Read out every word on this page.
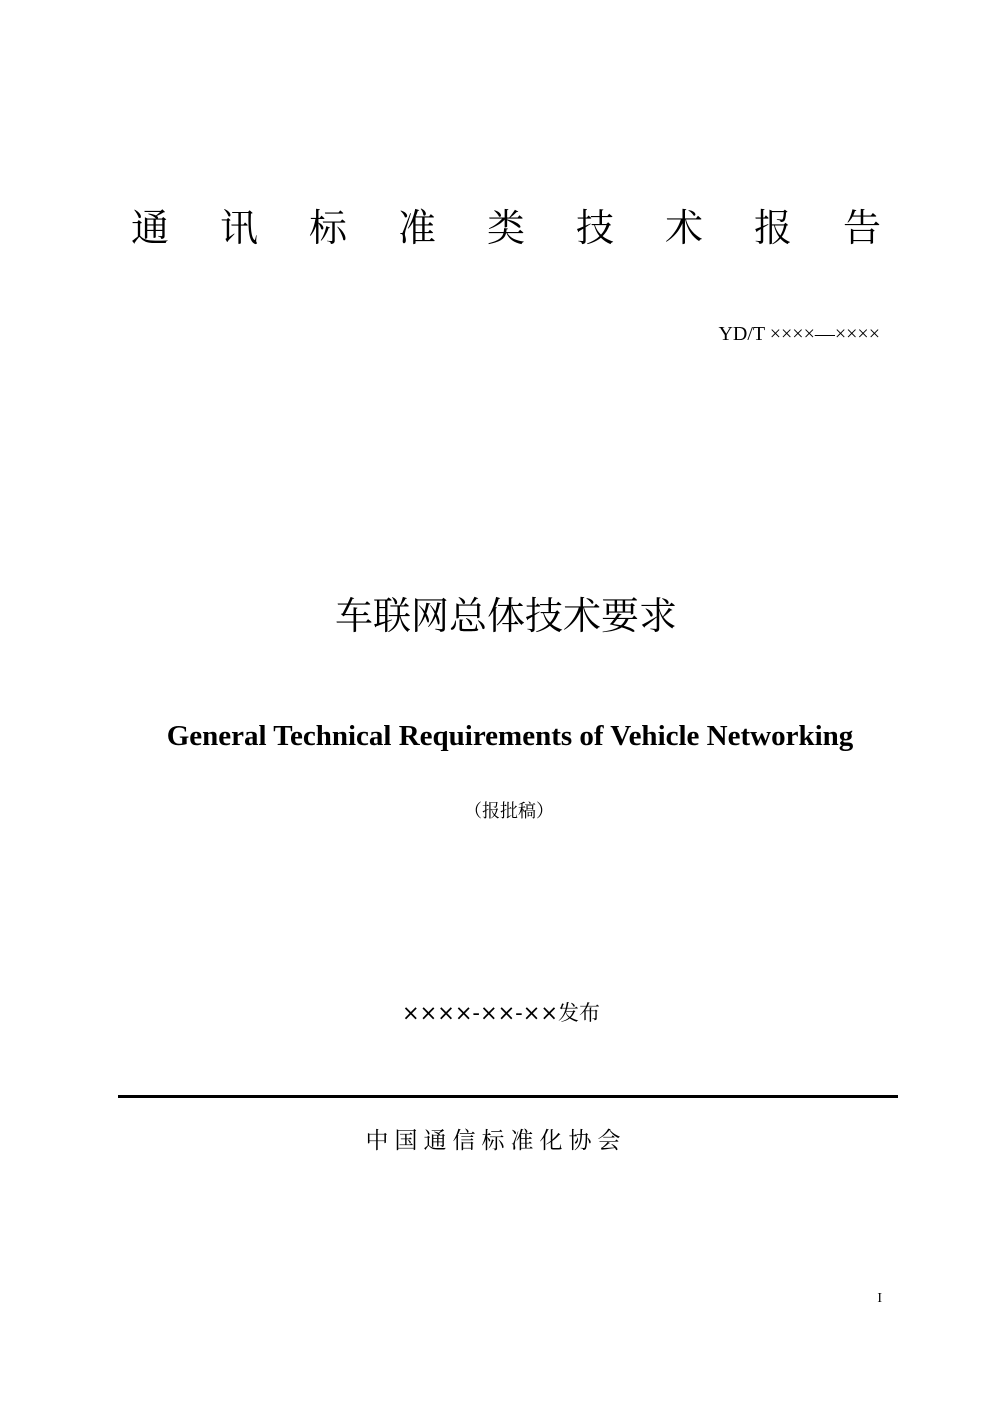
通 讯 标 准 类 技 术 报 告
YD/T ××××—××××
车联网总体技术要求
General Technical Requirements of Vehicle Networking
（报批稿）
××××-××-××发布
中国通信标准化协会
I
